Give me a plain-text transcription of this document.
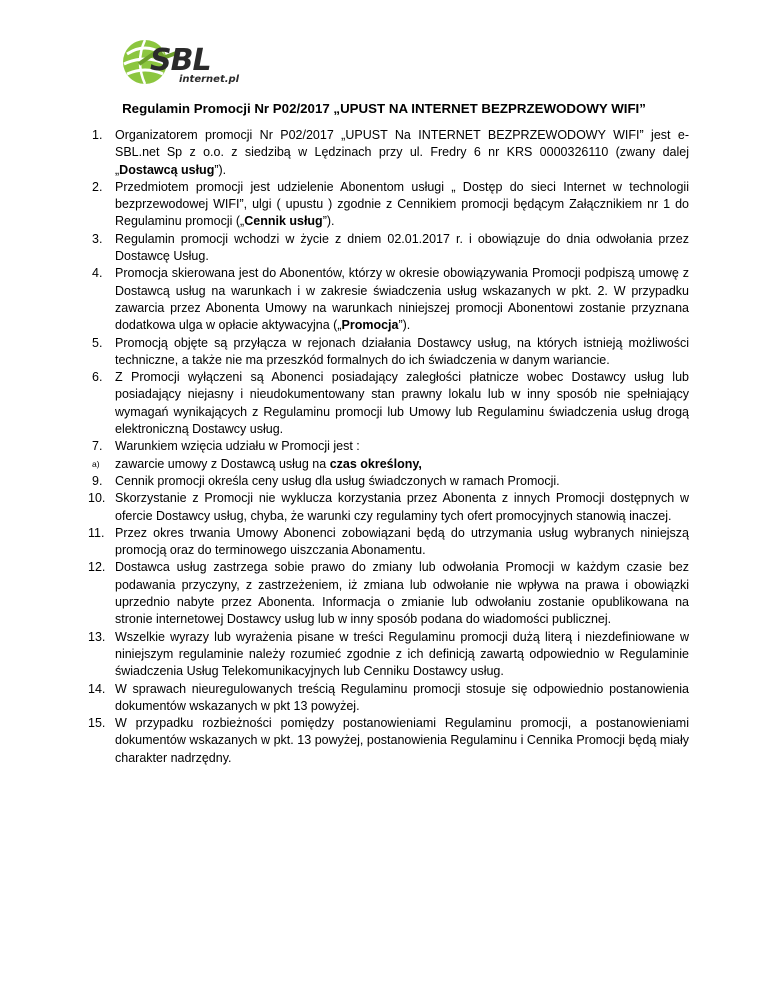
SBL
internet.pl
Regulamin Promocji Nr P02/2017 „UPUST NA INTERNET BEZPRZEWODOWY WIFI”
1.	Organizatorem promocji Nr P02/2017 „UPUST Na INTERNET BEZPRZEWODOWY WIFI” jest e-SBL.net Sp z o.o. z siedzibą w Lędzinach przy ul. Fredry 6 nr KRS 0000326110 (zwany dalej „Dostawcą usług”).
2.	Przedmiotem promocji jest udzielenie Abonentom usługi „ Dostęp do sieci Internet w technologii bezprzewodowej WIFI”, ulgi ( upustu ) zgodnie z Cennikiem promocji będącym Załącznikiem nr 1 do Regulaminu promocji („Cennik usług”).
3.	Regulamin promocji wchodzi w życie z dniem 02.01.2017 r. i obowiązuje do dnia odwołania przez Dostawcę Usług.
4.	Promocja skierowana jest do Abonentów, którzy w okresie obowiązywania Promocji podpiszą umowę z Dostawcą usług na warunkach i w zakresie świadczenia usług wskazanych w pkt. 2. W przypadku zawarcia przez Abonenta Umowy na warunkach niniejszej promocji Abonentowi zostanie przyznana dodatkowa ulga w opłacie aktywacyjna („Promocja”).
5.	Promocją objęte są przyłącza w rejonach działania Dostawcy usług, na których istnieją możliwości techniczne, a także nie ma przeszkód formalnych do ich świadczenia w danym wariancie.
6.	Z Promocji wyłączeni są Abonenci posiadający zaległości płatnicze wobec Dostawcy usług lub posiadający niejasny i nieudokumentowany stan prawny lokalu lub w inny sposób nie spełniający wymagań wynikających z Regulaminu promocji lub Umowy lub Regulaminu świadczenia usług drogą elektroniczną Dostawcy usług.
7.	Warunkiem wzięcia udziału w Promocji jest :
a)	zawarcie umowy z Dostawcą usług na czas określony,
9.	Cennik promocji określa ceny usług dla usług świadczonych w ramach Promocji.
10. Skorzystanie z Promocji nie wyklucza korzystania przez Abonenta z innych Promocji dostępnych w ofercie Dostawcy usług, chyba, że warunki czy regulaminy tych ofert promocyjnych stanowią inaczej.
11. Przez okres trwania Umowy Abonenci zobowiązani będą do utrzymania usług wybranych niniejszą promocją oraz do terminowego uiszczania Abonamentu.
12. Dostawca usług zastrzega sobie prawo do zmiany lub odwołania Promocji w każdym czasie bez podawania przyczyny, z zastrzeżeniem, iż zmiana lub odwołanie nie wpływa na prawa i obowiązki uprzednio nabyte przez Abonenta. Informacja o zmianie lub odwołaniu zostanie opublikowana na stronie internetowej Dostawcy usług lub w inny sposób podana do wiadomości publicznej.
13. Wszelkie wyrazy lub wyrażenia pisane w treści Regulaminu promocji dużą literą i niezdefiniowane w niniejszym regulaminie należy rozumieć zgodnie z ich definicją zawartą odpowiednio w Regulaminie świadczenia Usług Telekomunikacyjnych lub Cenniku Dostawcy usług.
14. W sprawach nieuregulowanych treścią Regulaminu promocji stosuje się odpowiednio postanowienia dokumentów wskazanych w pkt 13 powyżej.
15. W przypadku rozbieżności pomiędzy postanowieniami Regulaminu promocji, a postanowieniami dokumentów wskazanych w pkt. 13 powyżej, postanowienia Regulaminu i Cennika Promocji będą miały charakter nadrzędny.
